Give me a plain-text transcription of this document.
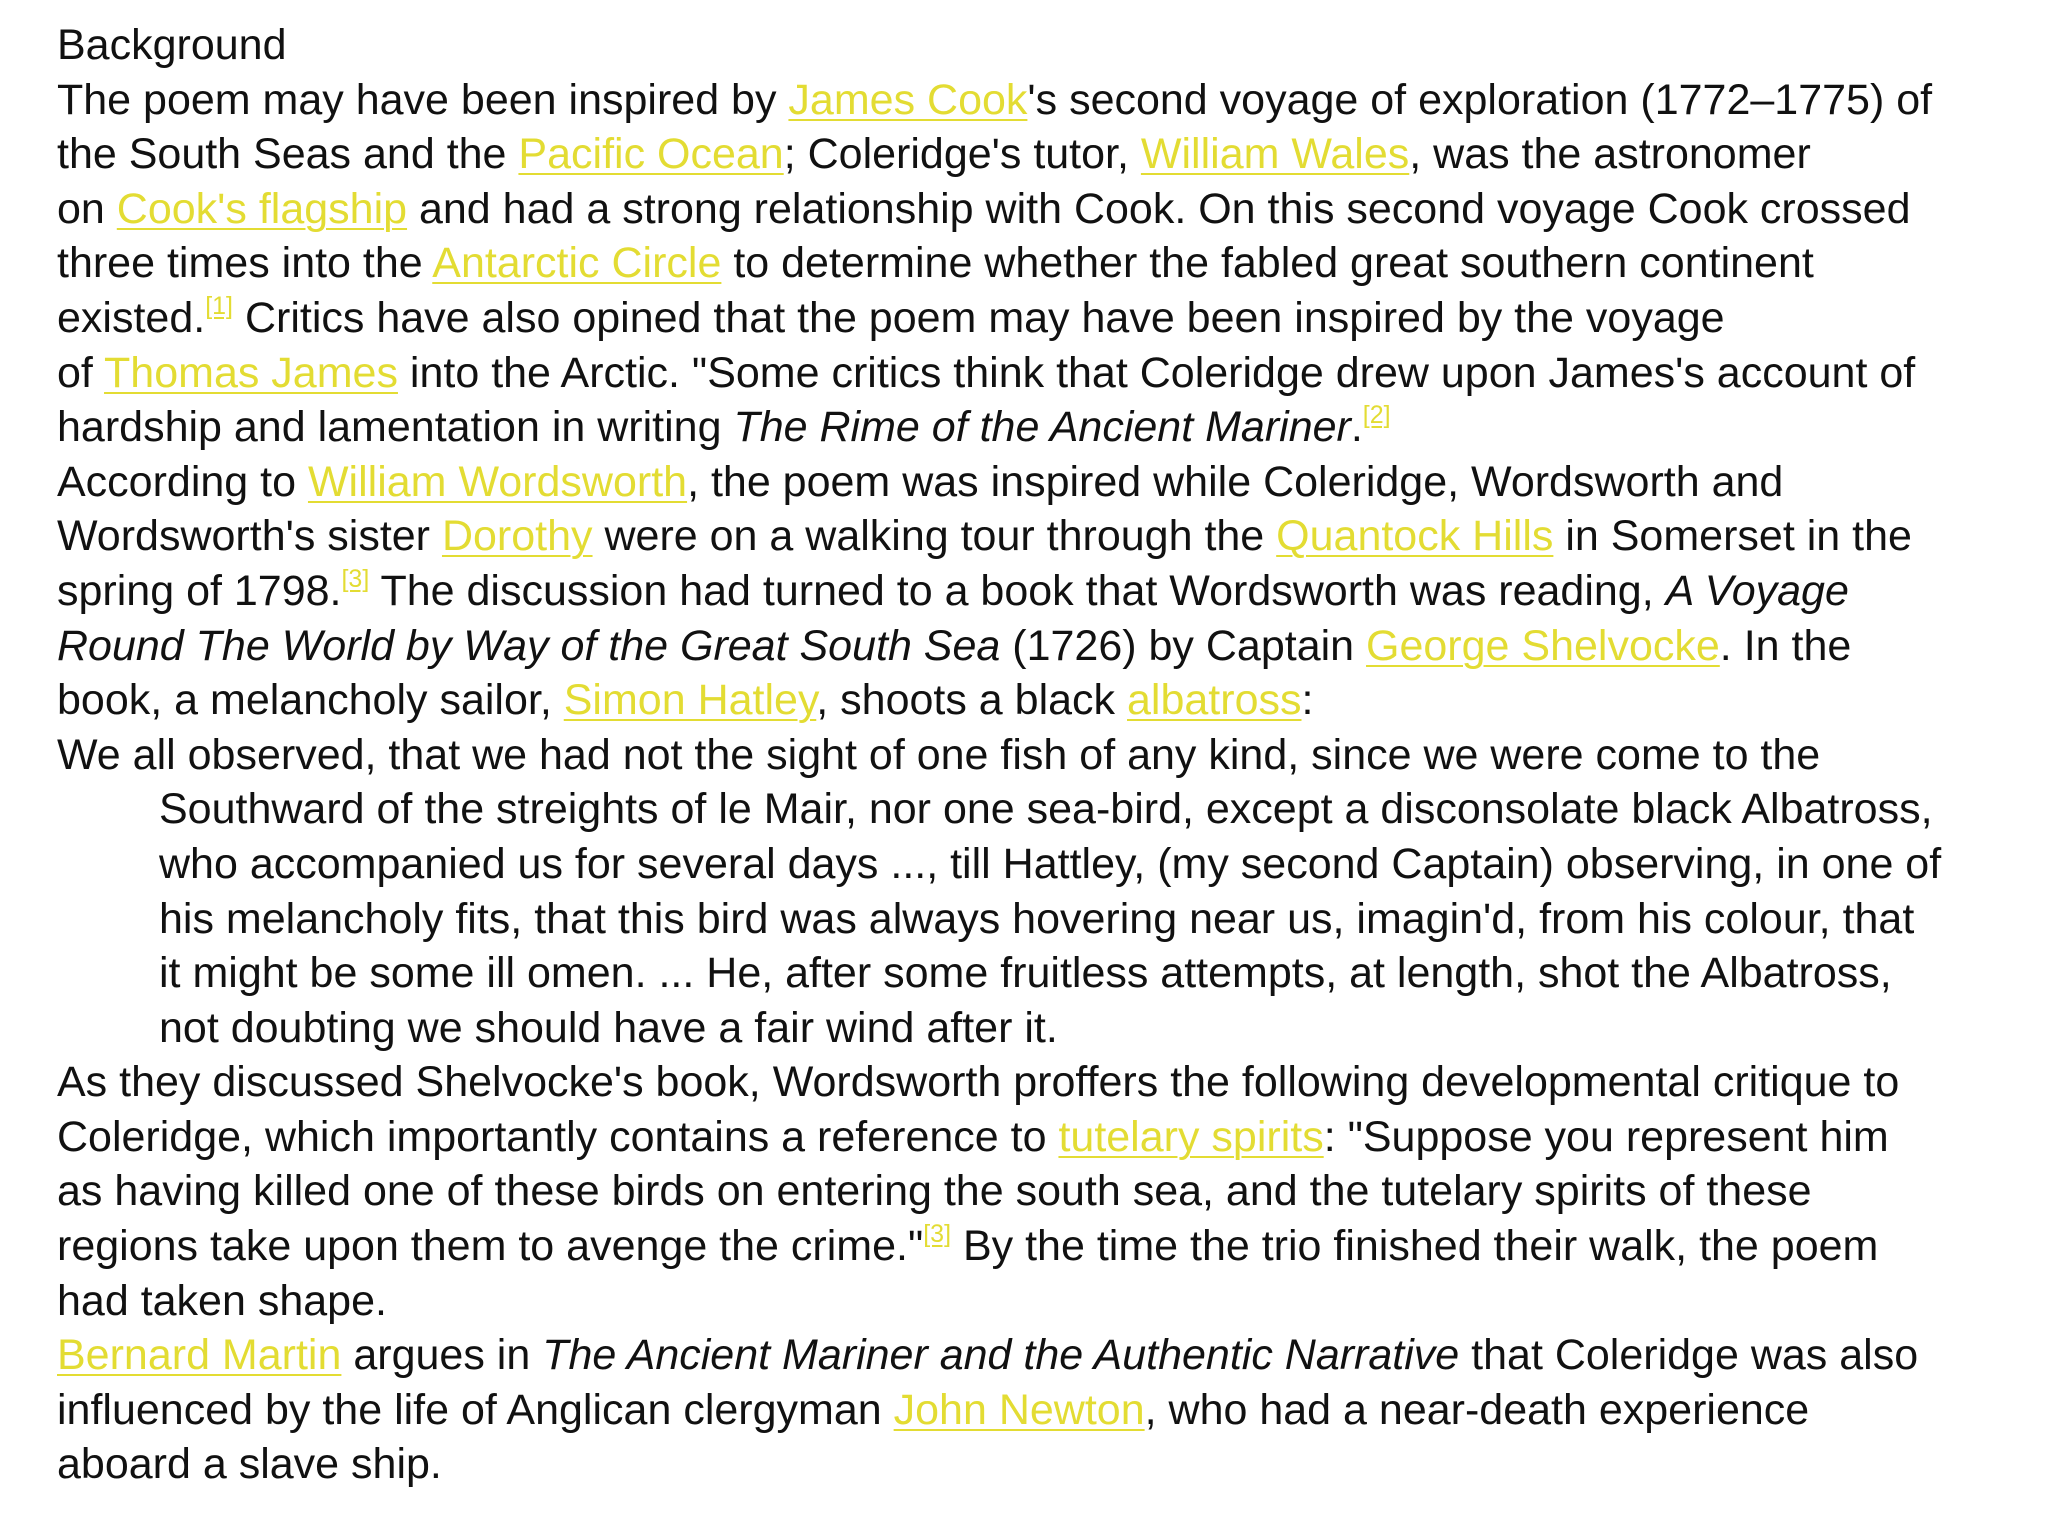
Background
The poem may have been inspired by James Cook's second voyage of exploration (1772–1775) of
the South Seas and the Pacific Ocean; Coleridge's tutor, William Wales, was the astronomer
on Cook's flagship and had a strong relationship with Cook. On this second voyage Cook crossed
three times into the Antarctic Circle to determine whether the fabled great southern continent
existed.[1] Critics have also opined that the poem may have been inspired by the voyage
of Thomas James into the Arctic. "Some critics think that Coleridge drew upon James's account of
hardship and lamentation in writing The Rime of the Ancient Mariner.[2]
According to William Wordsworth, the poem was inspired while Coleridge, Wordsworth and
Wordsworth's sister Dorothy were on a walking tour through the Quantock Hills in Somerset in the
spring of 1798.[3] The discussion had turned to a book that Wordsworth was reading, A Voyage
Round The World by Way of the Great South Sea (1726) by Captain George Shelvocke. In the
book, a melancholy sailor, Simon Hatley, shoots a black albatross:
We all observed, that we had not the sight of one fish of any kind, since we were come to the
Southward of the streights of le Mair, nor one sea-bird, except a disconsolate black Albatross,
who accompanied us for several days ..., till Hattley, (my second Captain) observing, in one of
his melancholy fits, that this bird was always hovering near us, imagin'd, from his colour, that
it might be some ill omen. ... He, after some fruitless attempts, at length, shot the Albatross,
not doubting we should have a fair wind after it.
As they discussed Shelvocke's book, Wordsworth proffers the following developmental critique to
Coleridge, which importantly contains a reference to tutelary spirits: "Suppose you represent him
as having killed one of these birds on entering the south sea, and the tutelary spirits of these
regions take upon them to avenge the crime."[3] By the time the trio finished their walk, the poem
had taken shape.
Bernard Martin argues in The Ancient Mariner and the Authentic Narrative that Coleridge was also
influenced by the life of Anglican clergyman John Newton, who had a near-death experience
aboard a slave ship.
